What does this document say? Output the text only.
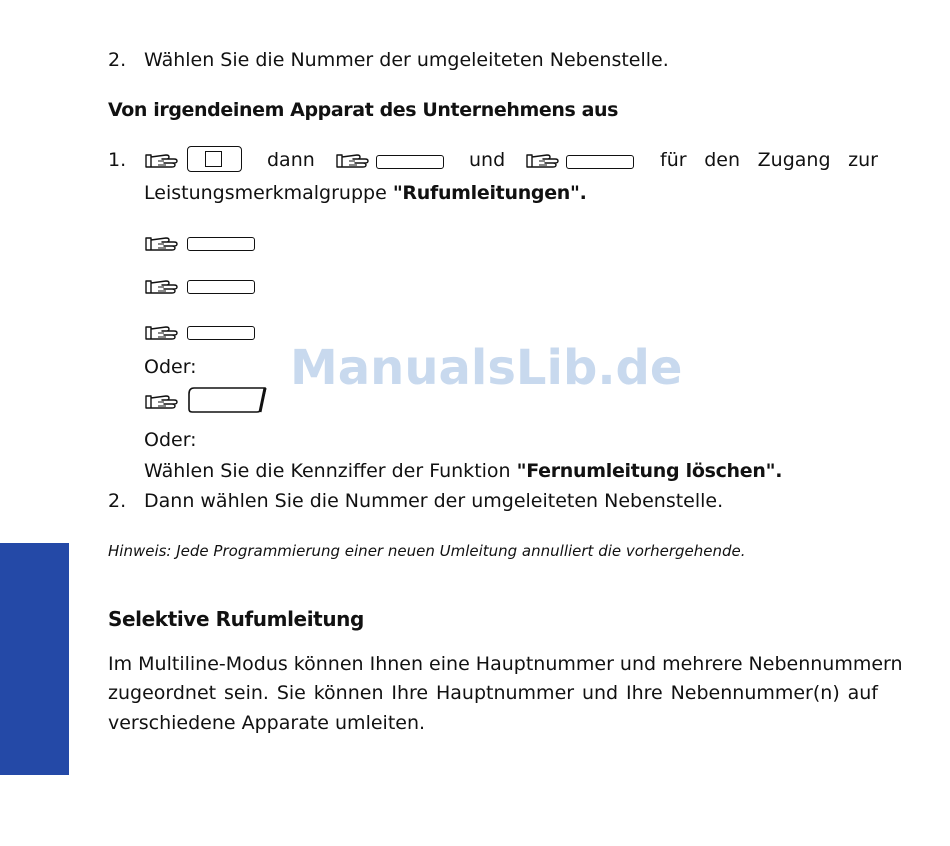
ManualsLib.de
2. Wählen Sie die Nummer der umgeleiteten Nebenstelle.
Von irgendeinem Apparat des Unternehmens aus
1.	dann	und	für den Zugang zur
Leistungsmerkmalgruppe "Rufumleitungen".
Oder:
Oder:
Wählen Sie die Kennziffer der Funktion "Fernumleitung löschen".
2. Dann wählen Sie die Nummer der umgeleiteten Nebenstelle.
Hinweis: Jede Programmierung einer neuen Umleitung annulliert die vorhergehende.
Selektive Rufumleitung
Im Multiline-Modus können Ihnen eine Hauptnummer und mehrere Nebennummern
zugeordnet sein. Sie können Ihre Hauptnummer und Ihre Nebennummer(n) auf
verschiedene Apparate umleiten.
